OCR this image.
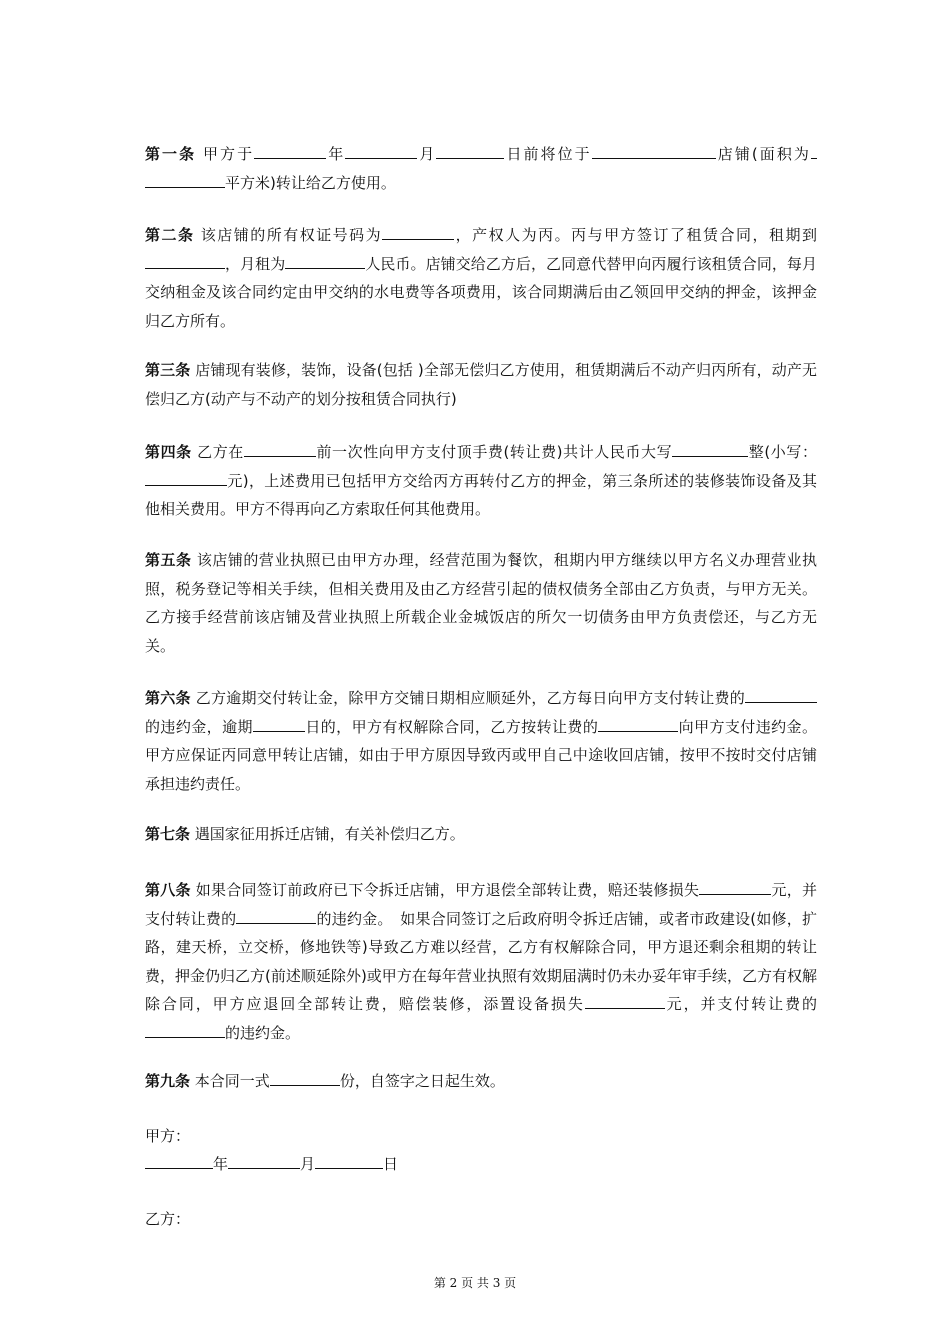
第一条 甲方于	年	月	日前将位于	店铺(面积为平方米)转让给乙方使用。

第二条 该店铺的所有权证号码为	，产权人为丙。丙与甲方签订了租赁合同，租期到，月租为	人民币。店铺交给乙方后，乙同意代替甲向丙履行该租赁合同，每月交纳租金及该合同约定由甲交纳的水电费等各项费用，该合同期满后由乙领回甲交纳的押金，该押金归乙方所有。

第三条 店铺现有装修，装饰，设备(包括 )全部无偿归乙方使用，租赁期满后不动产归丙所有，动产无偿归乙方(动产与不动产的划分按租赁合同执行)

第四条 乙方在	前一次性向甲方支付顶手费(转让费)共计人民币大写	整(小写：元)，上述费用已包括甲方交给丙方再转付乙方的押金，第三条所述的装修装饰设备及其他相关费用。甲方不得再向乙方索取任何其他费用。

第五条 该店铺的营业执照已由甲方办理，经营范围为餐饮，租期内甲方继续以甲方名义办理营业执照，税务登记等相关手续，但相关费用及由乙方经营引起的债权债务全部由乙方负责，与甲方无关。乙方接手经营前该店铺及营业执照上所载企业金城饭店的所欠一切债务由甲方负责偿还，与乙方无关。

第六条 乙方逾期交付转让金，除甲方交铺日期相应顺延外，乙方每日向甲方支付转让费的的违约金，逾期	日的，甲方有权解除合同，乙方按转让费的	向甲方支付违约金。甲方应保证丙同意甲转让店铺，如由于甲方原因导致丙或甲自己中途收回店铺，按甲不按时交付店铺承担违约责任。

第七条 遇国家征用拆迁店铺，有关补偿归乙方。

第八条 如果合同签订前政府已下令拆迁店铺，甲方退偿全部转让费，赔还装修损失	元，并支付转让费的	的违约金。　如果合同签订之后政府明令拆迁店铺，或者市政建设(如修，扩路，建天桥，立交桥，修地铁等)导致乙方难以经营，乙方有权解除合同，甲方退还剩余租期的转让费，押金仍归乙方(前述顺延除外)或甲方在每年营业执照有效期届满时仍未办妥年审手续，乙方有权解除合同，甲方应退回全部转让费，赔偿装修，添置设备损失	元，并支付转让费的的违约金。

第九条 本合同一式	份，自签字之日起生效。

甲方：

年	月	日

乙方：

第 2 页 共 3 页
